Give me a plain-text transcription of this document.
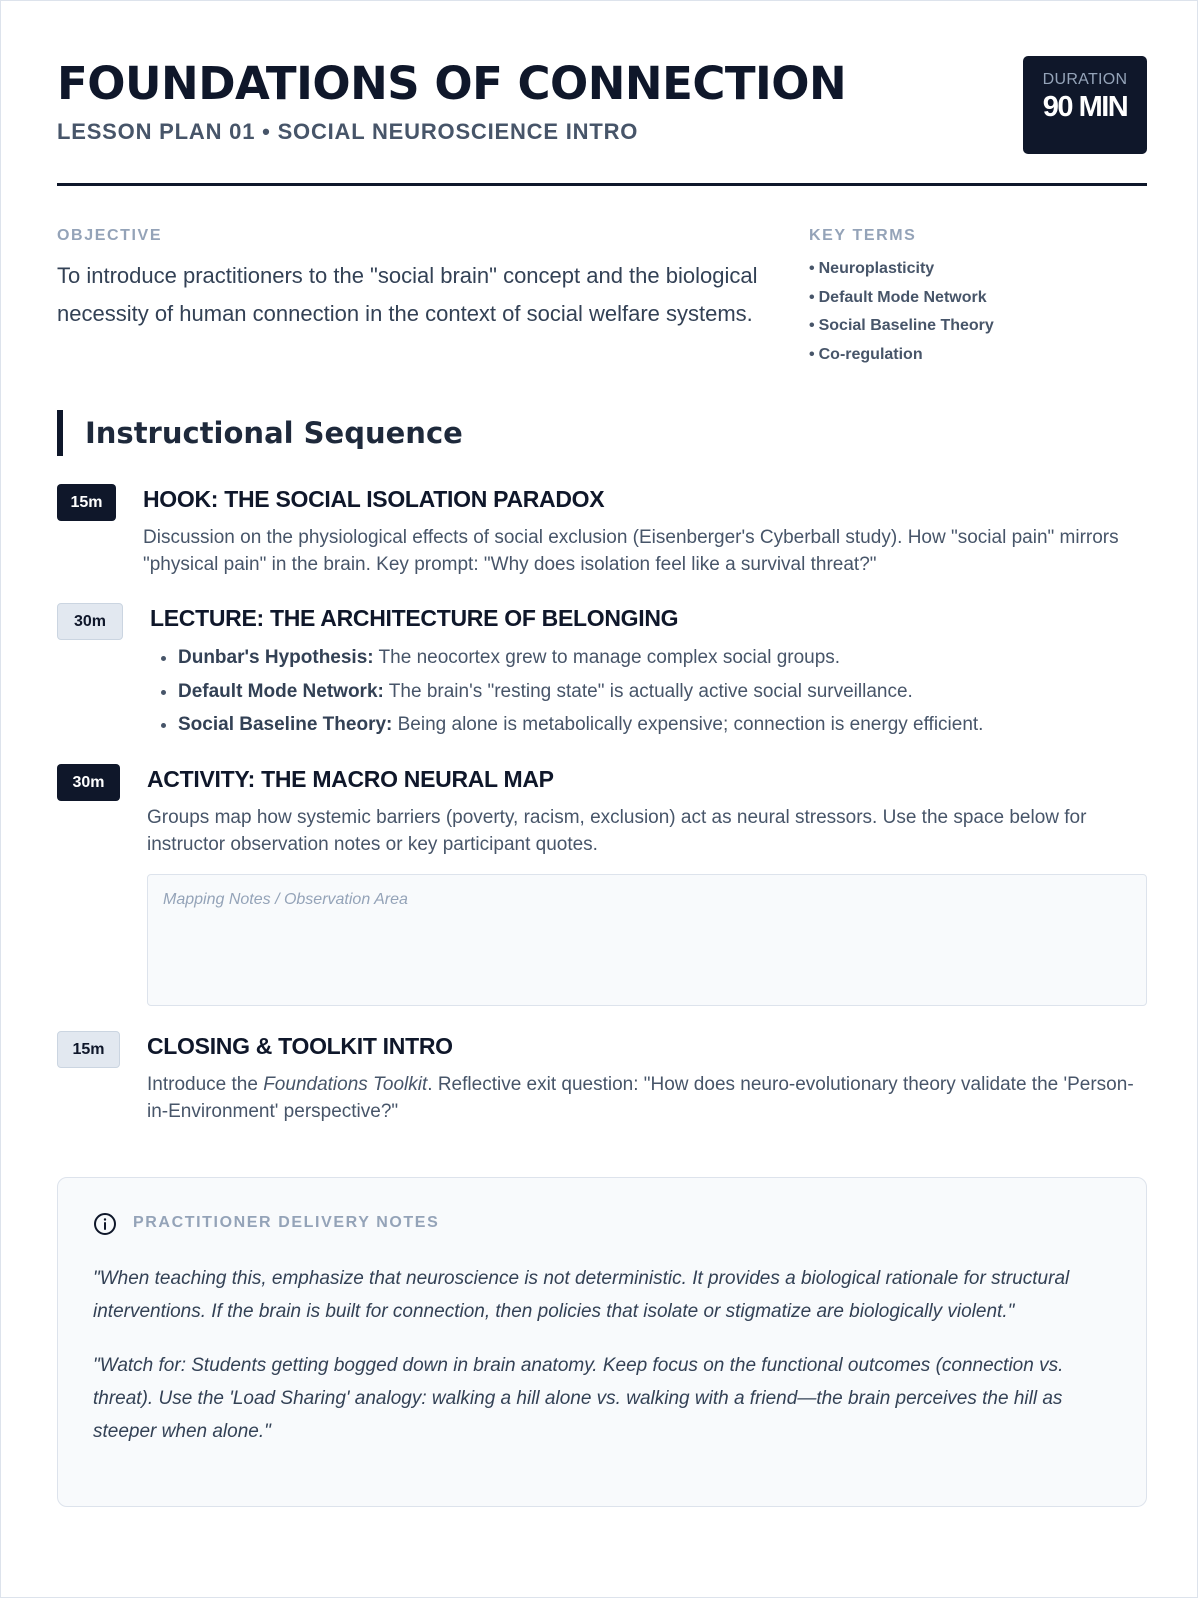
FOUNDATIONS OF CONNECTION
LESSON PLAN 01 • SOCIAL NEUROSCIENCE INTRO
DURATION
90 MIN
OBJECTIVE
To introduce practitioners to the "social brain" concept and the biological necessity of human connection in the context of social welfare systems.
KEY TERMS
• Neuroplasticity
• Default Mode Network
• Social Baseline Theory
• Co-regulation
Instructional Sequence
15m	HOOK: THE SOCIAL ISOLATION PARADOX
Discussion on the physiological effects of social exclusion (Eisenberger's Cyberball study). How "social pain" mirrors "physical pain" in the brain. Key prompt: "Why does isolation feel like a survival threat?"
30m	LECTURE: THE ARCHITECTURE OF BELONGING
• Dunbar's Hypothesis: The neocortex grew to manage complex social groups.
• Default Mode Network: The brain's "resting state" is actually active social surveillance.
• Social Baseline Theory: Being alone is metabolically expensive; connection is energy efficient.
30m	ACTIVITY: THE MACRO NEURAL MAP
Groups map how systemic barriers (poverty, racism, exclusion) act as neural stressors. Use the space below for instructor observation notes or key participant quotes.
Mapping Notes / Observation Area
15m	CLOSING & TOOLKIT INTRO
Introduce the Foundations Toolkit. Reflective exit question: "How does neuro-evolutionary theory validate the 'Person-in-Environment' perspective?"
PRACTITIONER DELIVERY NOTES

"When teaching this, emphasize that neuroscience is not deterministic. It provides a biological rationale for structural interventions. If the brain is built for connection, then policies that isolate or stigmatize are biologically violent."

"Watch for: Students getting bogged down in brain anatomy. Keep focus on the functional outcomes (connection vs. threat). Use the 'Load Sharing' analogy: walking a hill alone vs. walking with a friend—the brain perceives the hill as steeper when alone."
